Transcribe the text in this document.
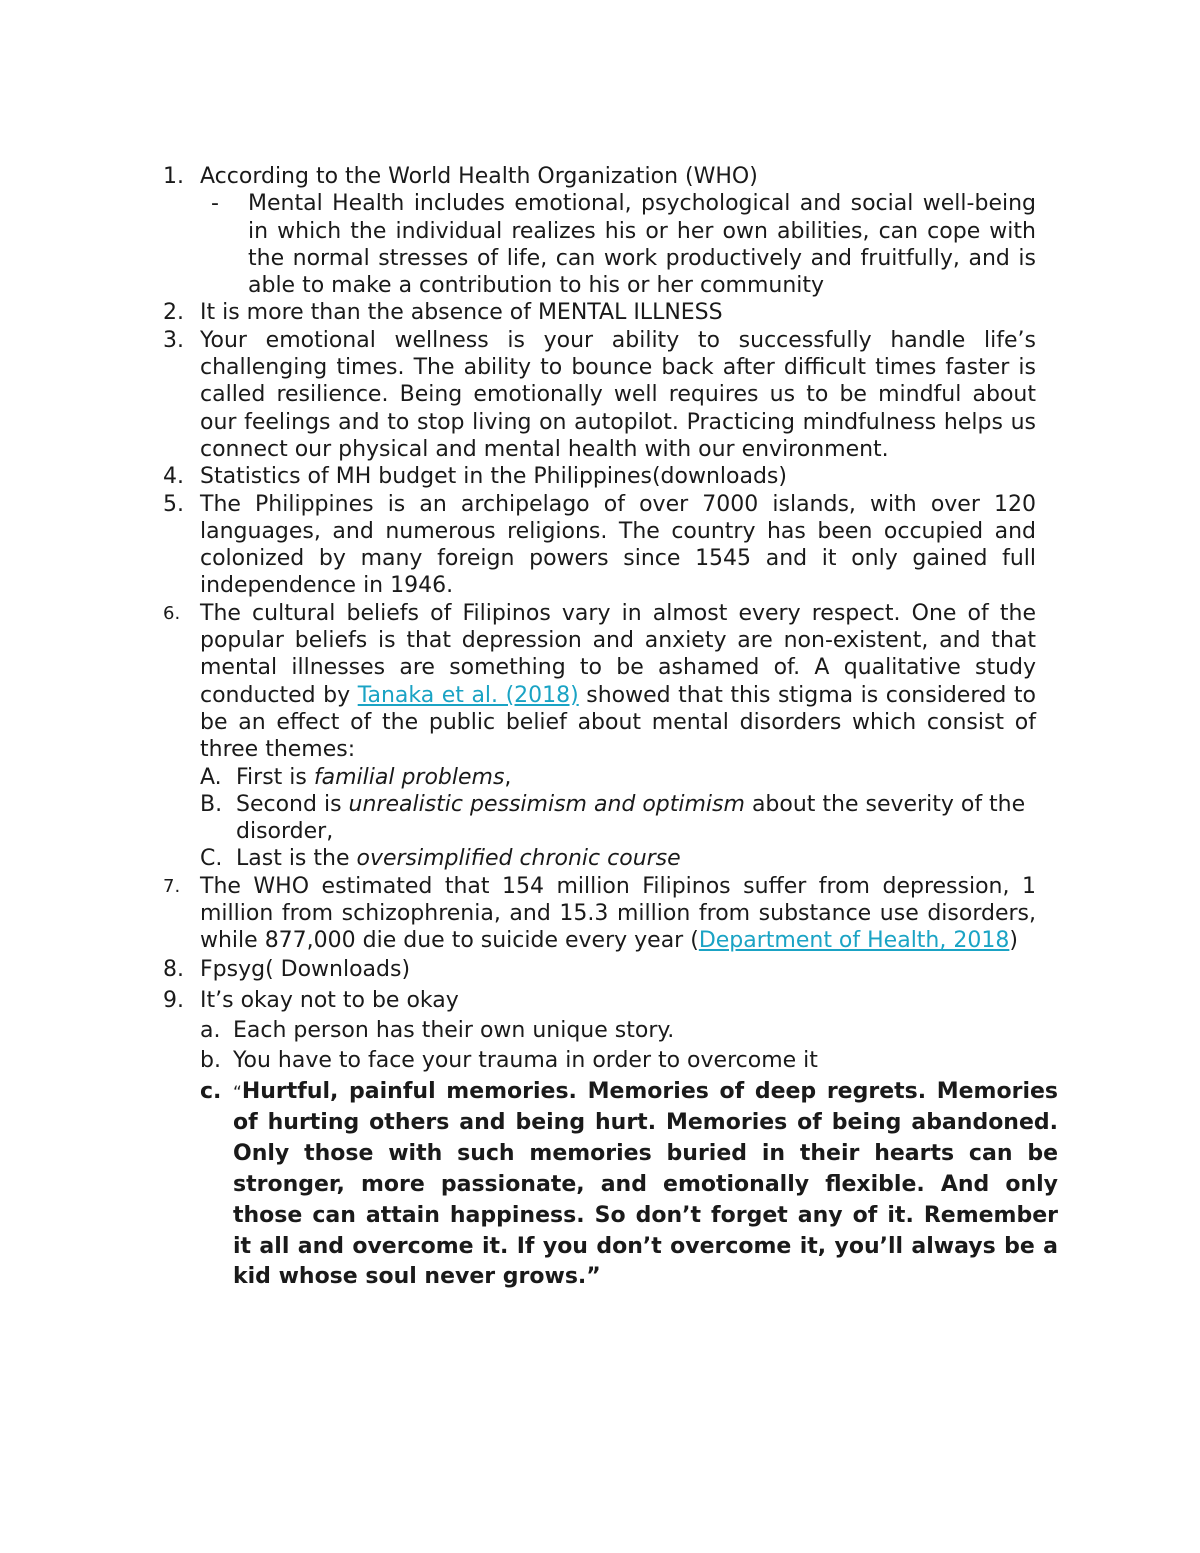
1. According to the World Health Organization (WHO)
- Mental Health includes emotional, psychological and social well-being in which the individual realizes his or her own abilities, can cope with the normal stresses of life, can work productively and fruitfully, and is able to make a contribution to his or her community
2. It is more than the absence of MENTAL ILLNESS
3. Your emotional wellness is your ability to successfully handle life’s challenging times. The ability to bounce back after difficult times faster is called resilience. Being emotionally well requires us to be mindful about our feelings and to stop living on autopilot. Practicing mindfulness helps us connect our physical and mental health with our environment.
4. Statistics of MH budget in the Philippines(downloads)
5. The Philippines is an archipelago of over 7000 islands, with over 120 languages, and numerous religions. The country has been occupied and colonized by many foreign powers since 1545 and it only gained full independence in 1946.
6. The cultural beliefs of Filipinos vary in almost every respect. One of the popular beliefs is that depression and anxiety are non-existent, and that mental illnesses are something to be ashamed of. A qualitative study conducted by Tanaka et al. (2018) showed that this stigma is considered to be an effect of the public belief about mental disorders which consist of three themes:
A. First is familial problems,
B. Second is unrealistic pessimism and optimism about the severity of the disorder,
C. Last is the oversimplified chronic course
7. The WHO estimated that 154 million Filipinos suffer from depression, 1 million from schizophrenia, and 15.3 million from substance use disorders, while 877,000 die due to suicide every year (Department of Health, 2018)
8. Fpsyg( Downloads)
9. It’s okay not to be okay
a. Each person has their own unique story.
b. You have to face your trauma in order to overcome it
c. “Hurtful, painful memories. Memories of deep regrets. Memories of hurting others and being hurt. Memories of being abandoned. Only those with such memories buried in their hearts can be stronger, more passionate, and emotionally flexible. And only those can attain happiness. So don’t forget any of it. Remember it all and overcome it. If you don’t overcome it, you’ll always be a kid whose soul never grows.”
